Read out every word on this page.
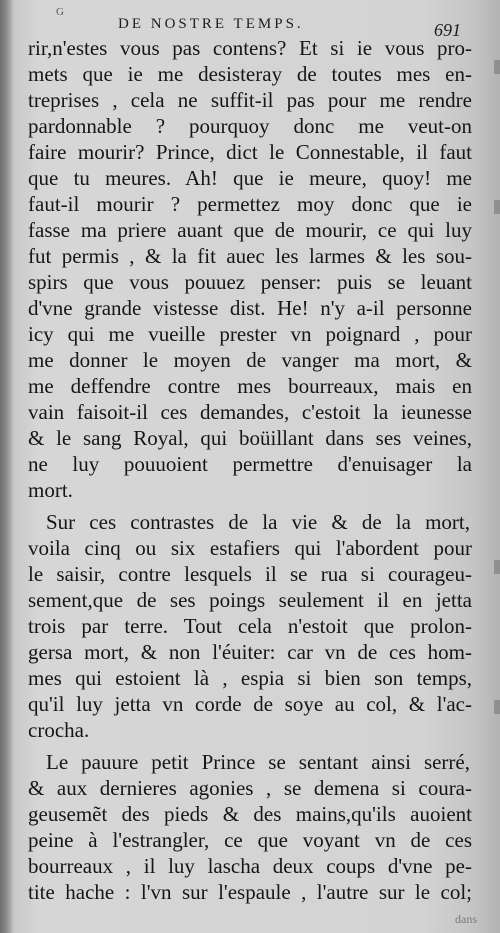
G
DE NOSTRE TEMPS.	691
rir,n'estes vous pas contens? Et si ie vous pro-
mets que ie me desisteray de toutes mes en-
treprises , cela ne suffit-il pas pour me rendre
pardonnable ? pourquoy donc me veut-on
faire mourir? Prince, dict le Connestable, il faut
que tu meures. Ah! que ie meure, quoy! me
faut-il mourir ? permettez moy donc que ie
fasse ma priere auant que de mourir, ce qui luy
fut permis , & la fit auec les larmes & les sou-
spirs que vous pouuez penser: puis se leuant
d'vne grande vistesse dist. He! n'y a-il personne
icy qui me vueille prester vn poignard , pour
me donner le moyen de vanger ma mort, &
me deffendre contre mes bourreaux, mais en
vain faisoit-il ces demandes, c'estoit la ieunesse
& le sang Royal, qui boüillant dans ses veines,
ne luy pouuoient permettre d'enuisager la
mort.
Sur ces contrastes de la vie & de la mort,
voila cinq ou six estafiers qui l'abordent pour
le saisir, contre lesquels il se rua si courageu-
sement,que de ses poings seulement il en jetta
trois par terre. Tout cela n'estoit que prolon-
gersa mort, & non l'éuiter: car vn de ces hom-
mes qui estoient là , espia si bien son temps,
qu'il luy jetta vn corde de soye au col, & l'ac-
crocha.
Le pauure petit Prince se sentant ainsi serré,
& aux dernieres agonies , se demena si coura-
geusemẽt des pieds & des mains,qu'ils auoient
peine à l'estrangler, ce que voyant vn de ces
bourreaux , il luy lascha deux coups d'vne pe-
tite hache : l'vn sur l'espaule , l'autre sur le col;
dans
